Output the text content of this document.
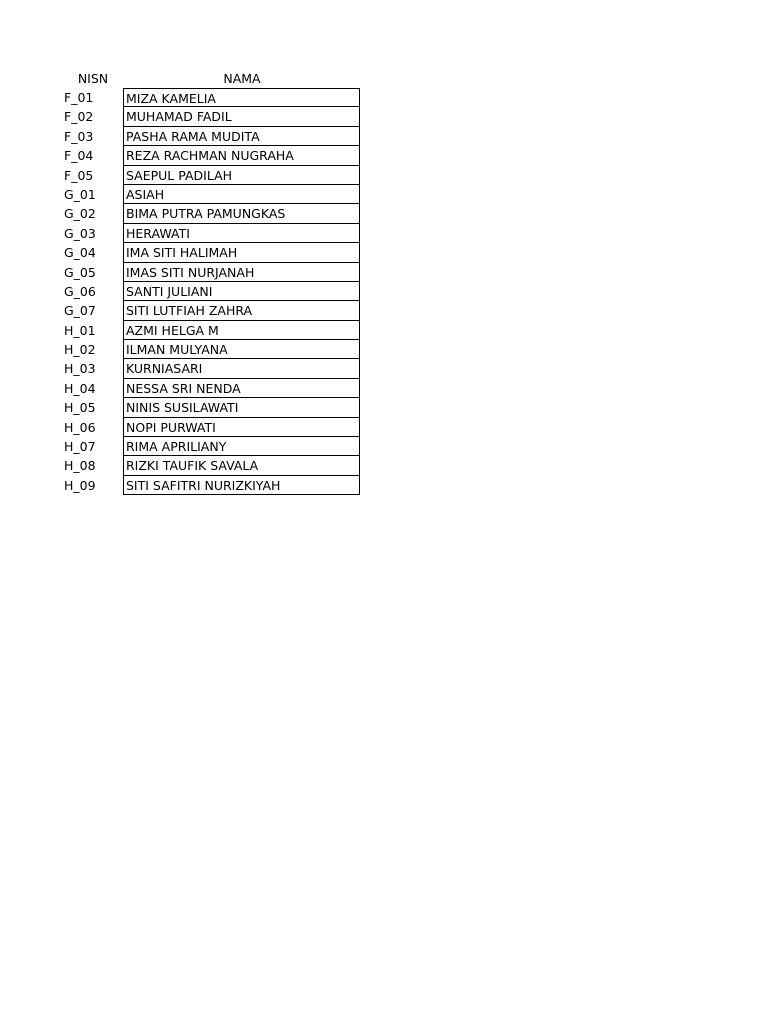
NISN	NAMA
F_01	MIZA KAMELIA
F_02	MUHAMAD FADIL
F_03	PASHA RAMA MUDITA
F_04	REZA RACHMAN NUGRAHA
F_05	SAEPUL PADILAH
G_01	ASIAH
G_02	BIMA PUTRA PAMUNGKAS
G_03	HERAWATI
G_04	IMA SITI HALIMAH
G_05	IMAS SITI NURJANAH
G_06	SANTI JULIANI
G_07	SITI LUTFIAH ZAHRA
H_01	AZMI HELGA M
H_02	ILMAN MULYANA
H_03	KURNIASARI
H_04	NESSA SRI NENDA
H_05	NINIS SUSILAWATI
H_06	NOPI PURWATI
H_07	RIMA APRILIANY
H_08	RIZKI TAUFIK SAVALA
H_09	SITI SAFITRI NURIZKIYAH
